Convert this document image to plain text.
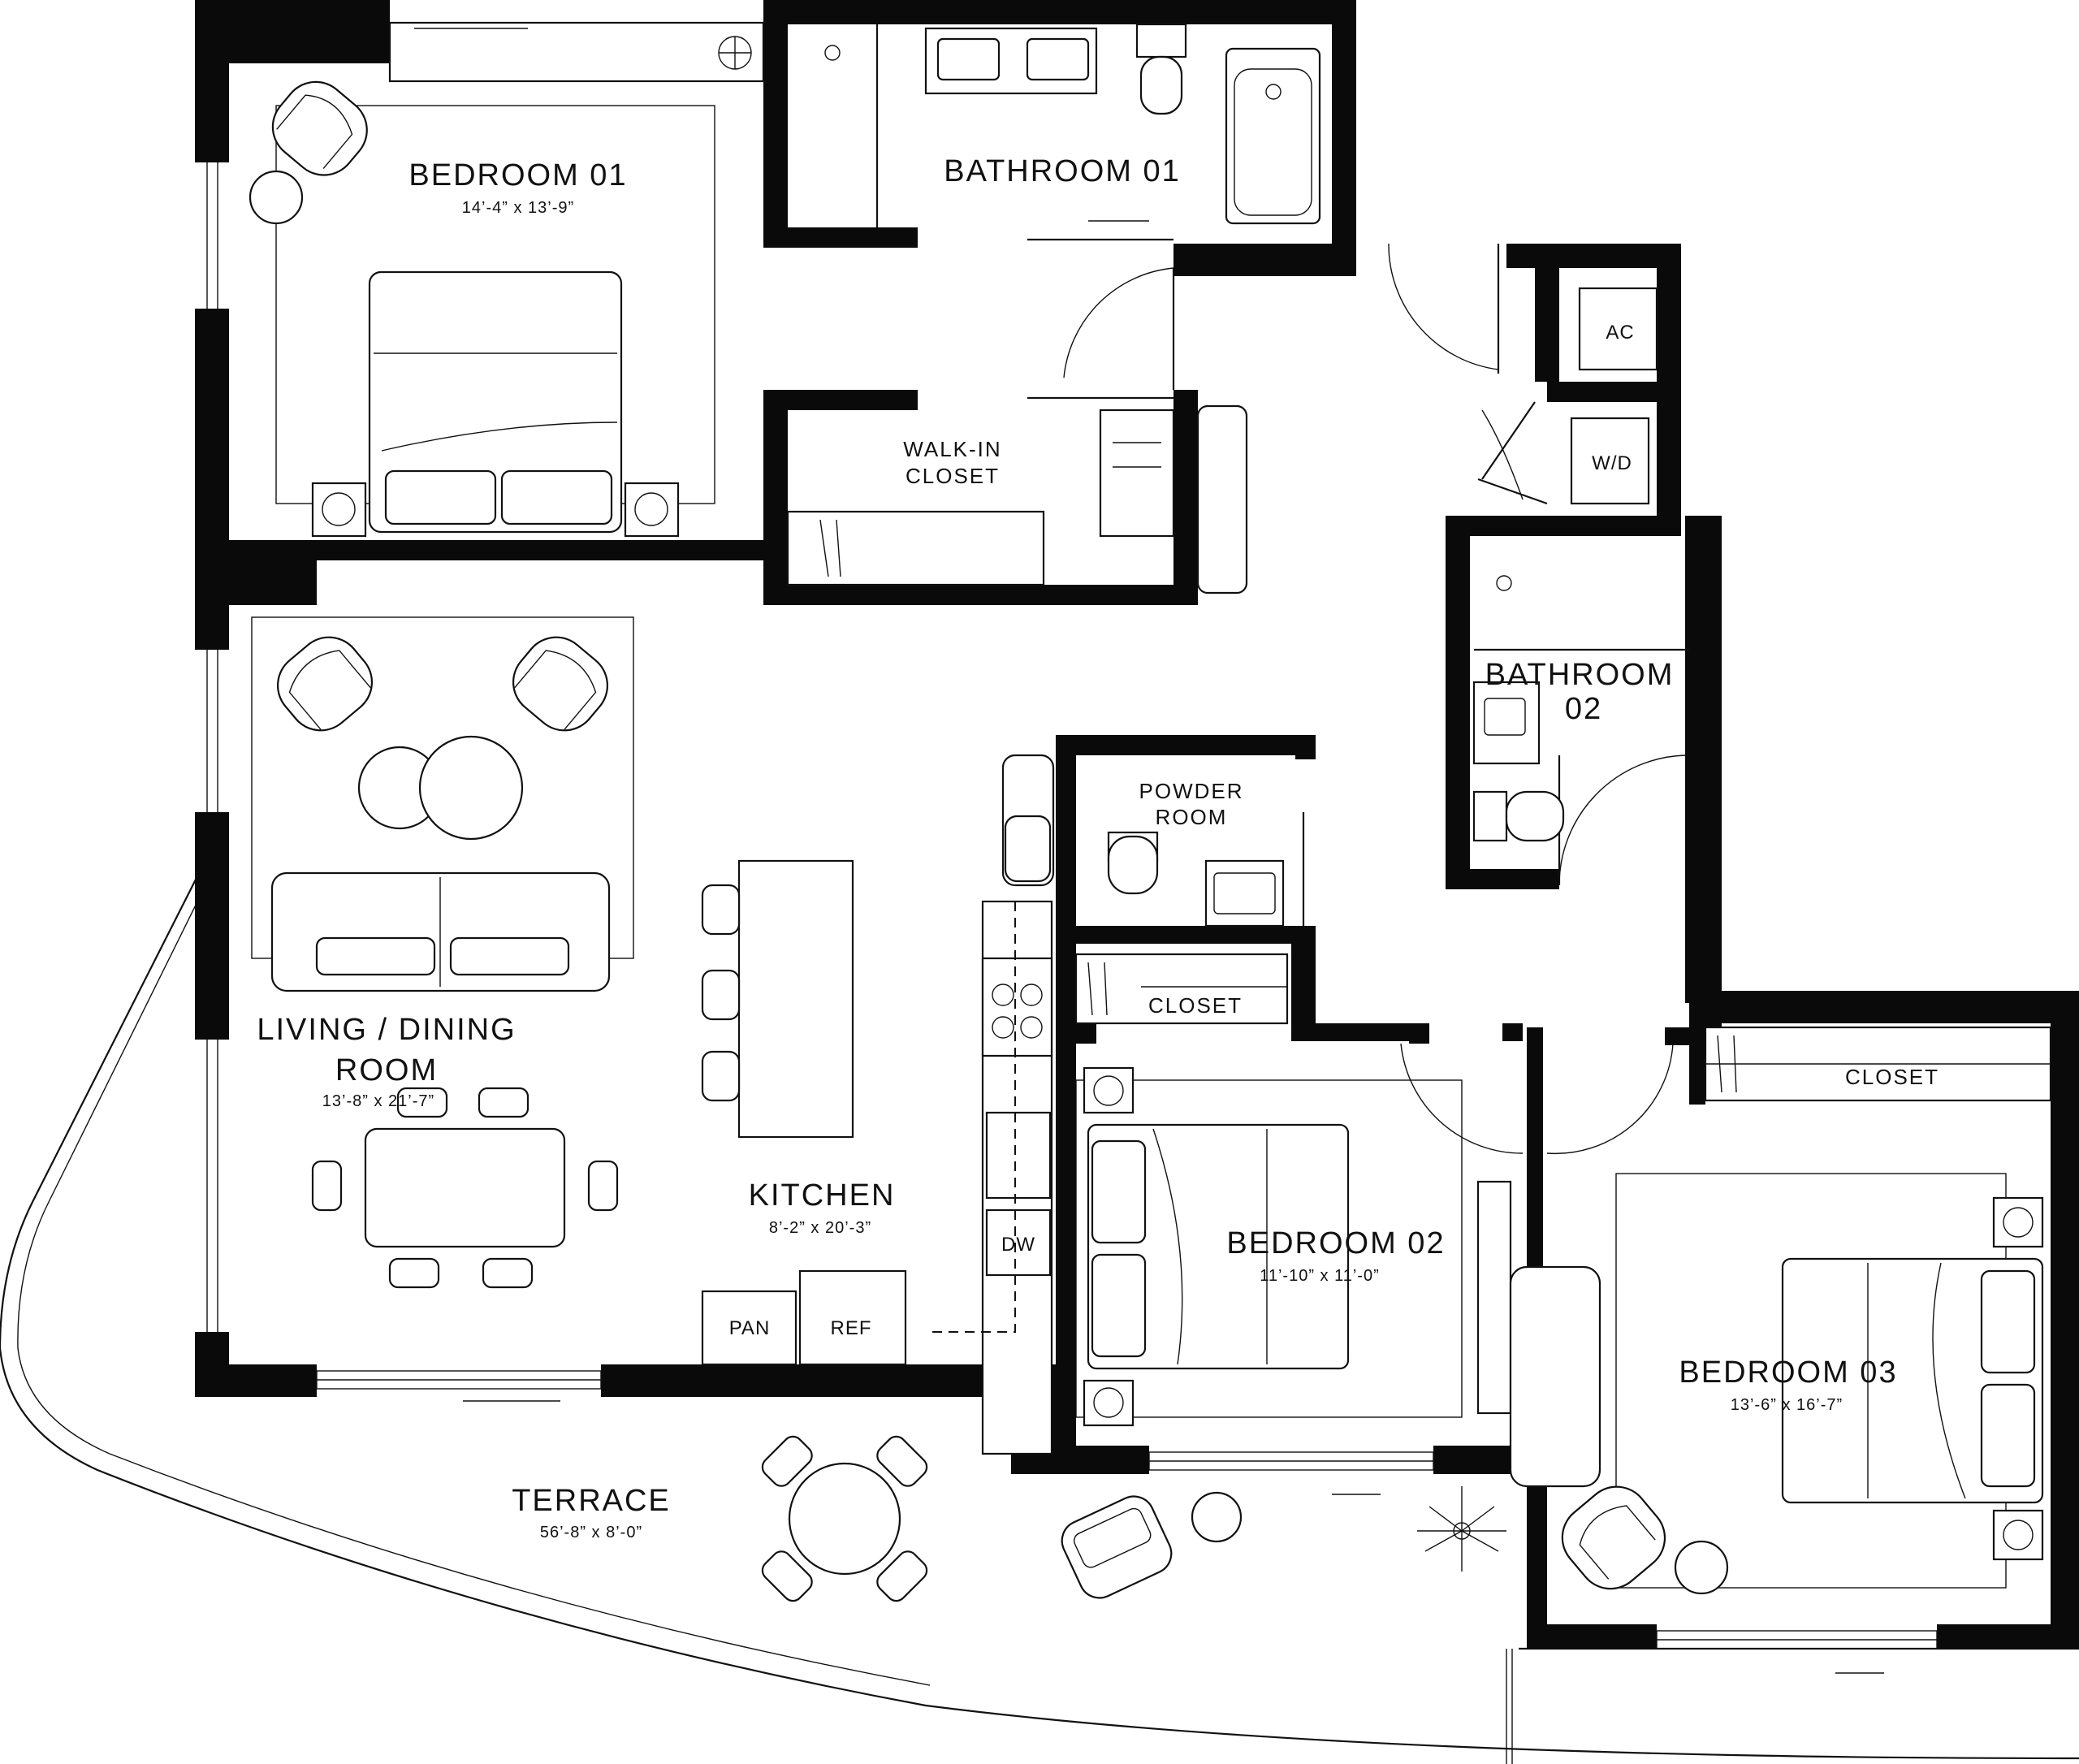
BEDROOM 01
14’-4” x 13’-9”
BATHROOM 01
WALK-IN
CLOSET
LIVING / DINING
ROOM
13’-8” x 21’-7”
KITCHEN
8’-2” x 20’-3”
POWDER
ROOM
CLOSET
BATHROOM
02
BEDROOM 02
11’-10” x 11’-0”
CLOSET
BEDROOM 03
13’-6” x 16’-7”
TERRACE
56’-8” x 8’-0”
AC
W/D
DW
PAN	REF
